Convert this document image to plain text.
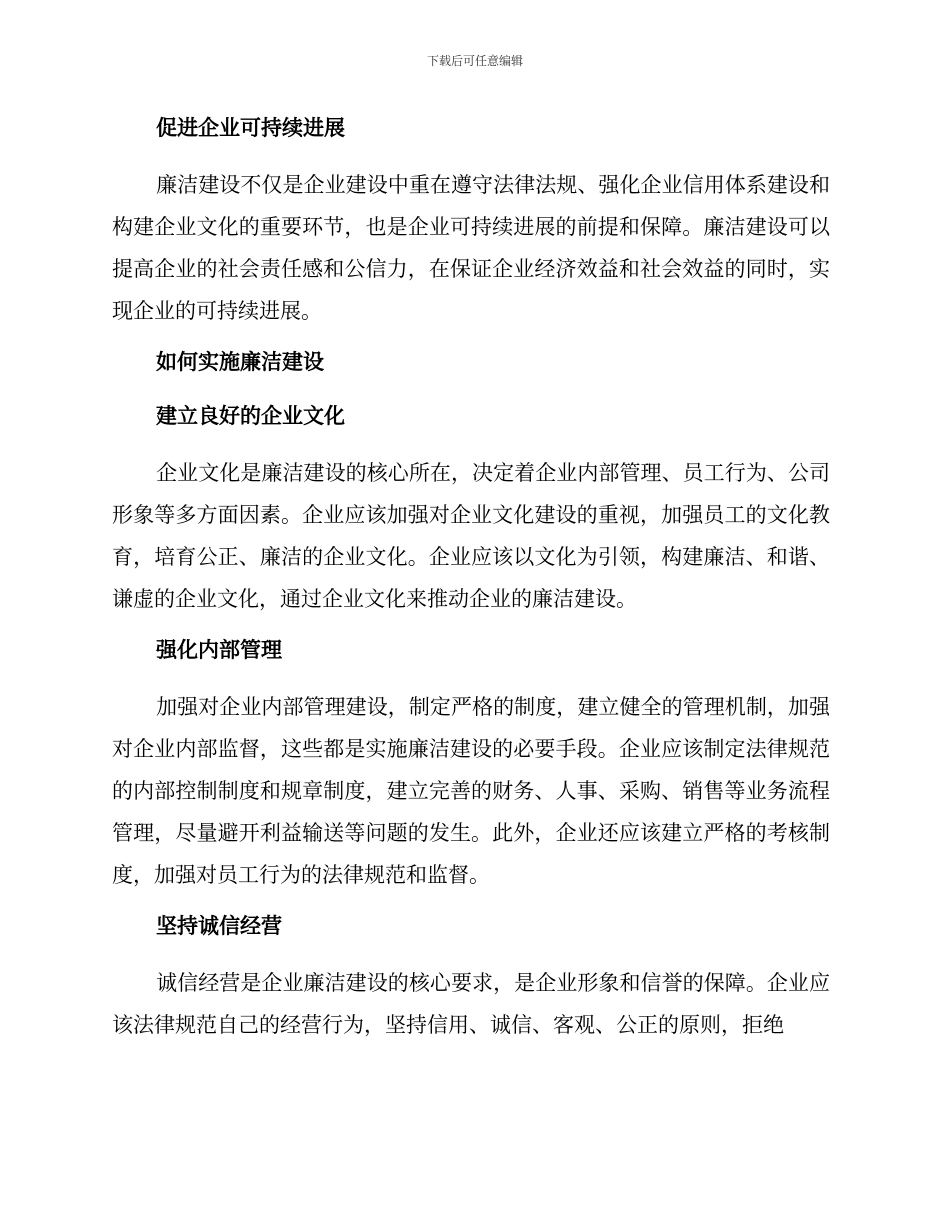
下载后可任意编辑
促进企业可持续进展

廉洁建设不仅是企业建设中重在遵守法律法规、强化企业信用体系建设和构建企业文化的重要环节，也是企业可持续进展的前提和保障。廉洁建设可以提高企业的社会责任感和公信力，在保证企业经济效益和社会效益的同时，实现企业的可持续进展。

如何实施廉洁建设
建立良好的企业文化

企业文化是廉洁建设的核心所在，决定着企业内部管理、员工行为、公司形象等多方面因素。企业应该加强对企业文化建设的重视，加强员工的文化教育，培育公正、廉洁的企业文化。企业应该以文化为引领，构建廉洁、和谐、谦虚的企业文化，通过企业文化来推动企业的廉洁建设。

强化内部管理

加强对企业内部管理建设，制定严格的制度，建立健全的管理机制，加强对企业内部监督，这些都是实施廉洁建设的必要手段。企业应该制定法律规范的内部控制制度和规章制度，建立完善的财务、人事、采购、销售等业务流程管理，尽量避开利益输送等问题的发生。此外，企业还应该建立严格的考核制度，加强对员工行为的法律规范和监督。

坚持诚信经营

诚信经营是企业廉洁建设的核心要求，是企业形象和信誉的保障。企业应该法律规范自己的经营行为，坚持信用、诚信、客观、公正的原则，拒绝
